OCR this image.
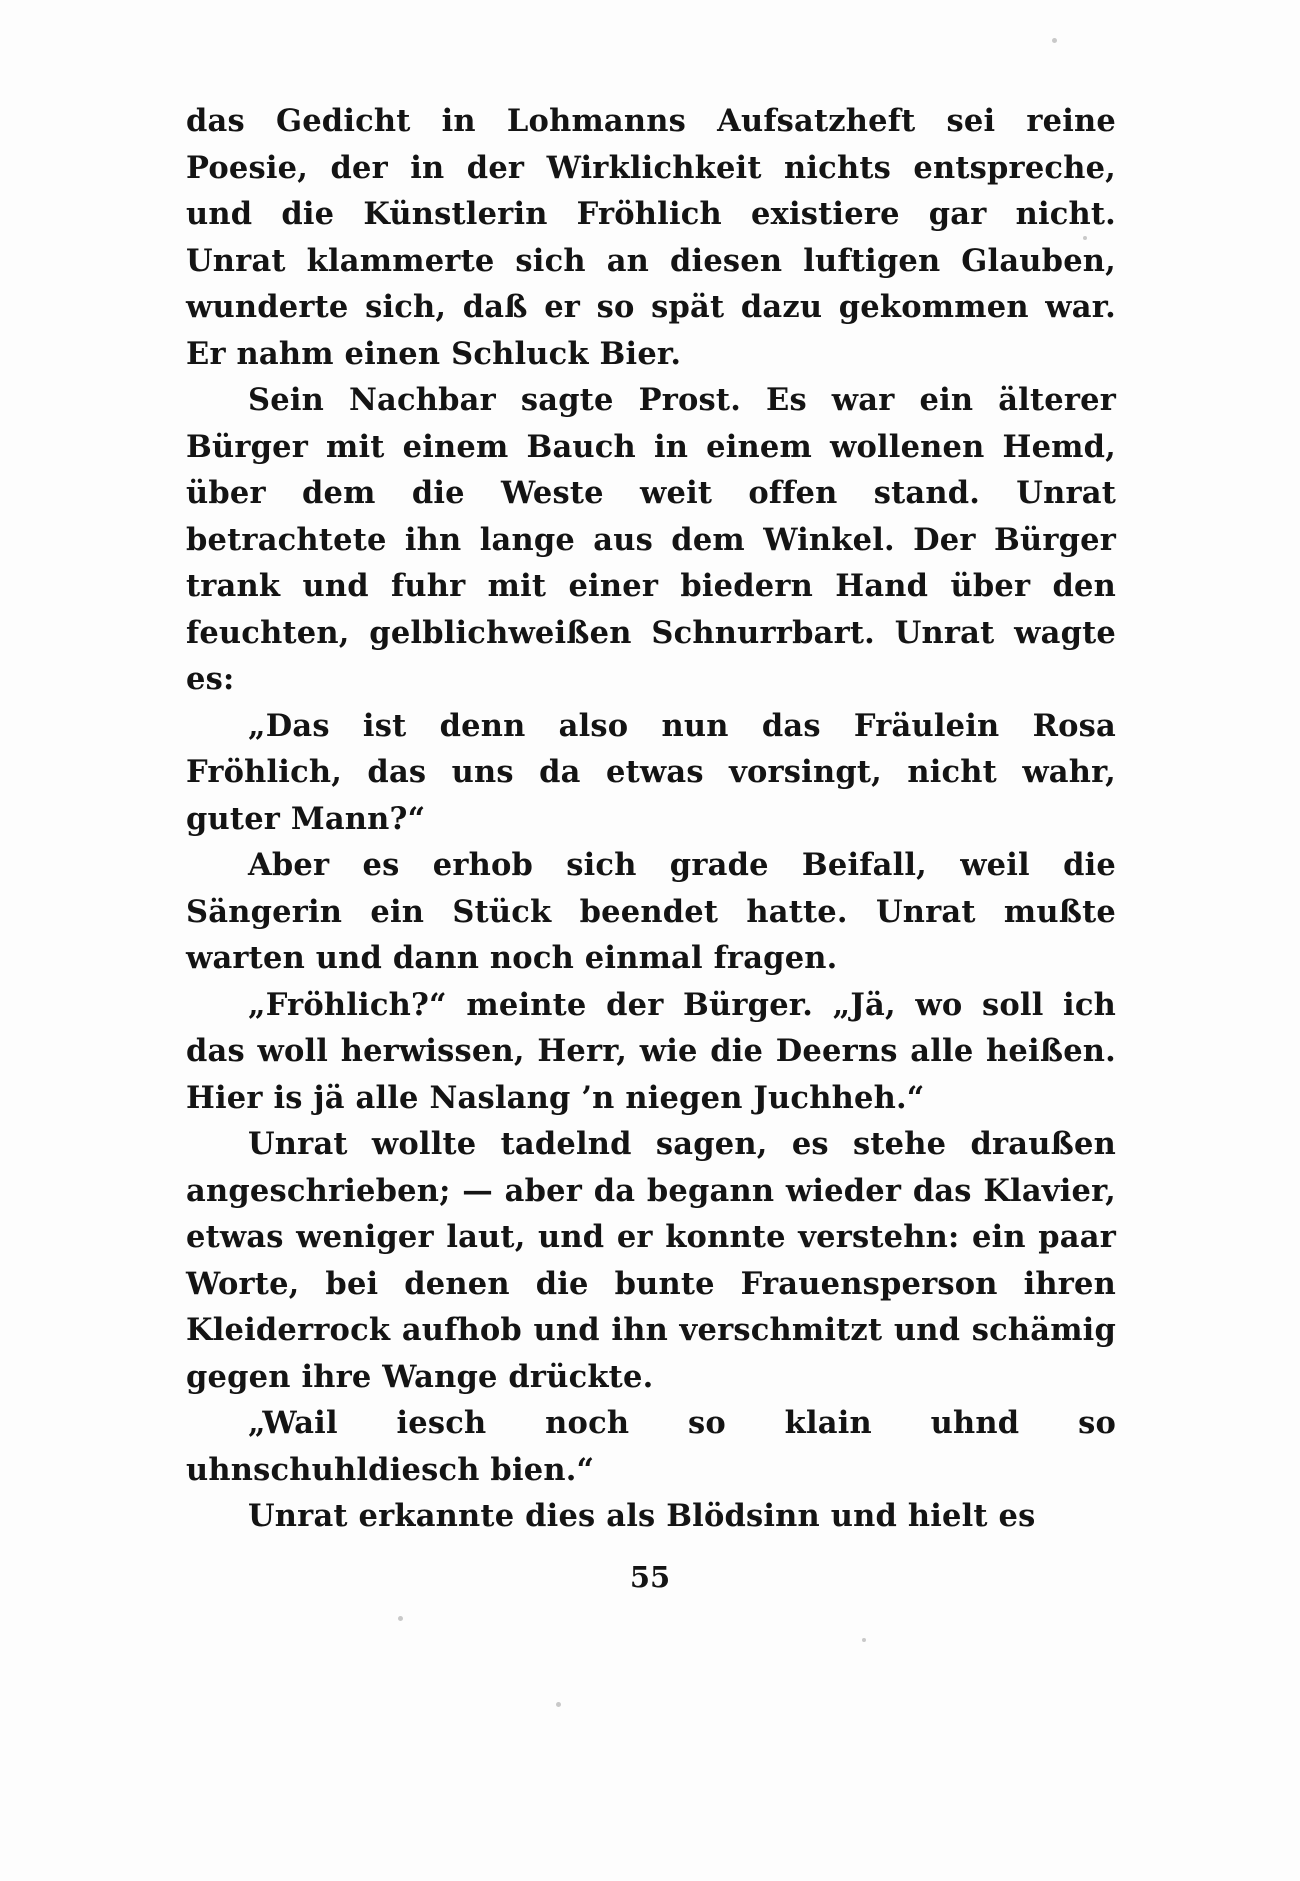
das Gedicht in Lohmanns Aufsatzheft sei reine Poesie, der in der Wirklichkeit nichts entspreche, und die Künstlerin Fröhlich existiere gar nicht. Unrat klammerte sich an diesen luftigen Glauben, wunderte sich, daß er so spät dazu gekommen war. Er nahm einen Schluck Bier.

Sein Nachbar sagte Prost. Es war ein älterer Bürger mit einem Bauch in einem wollenen Hemd, über dem die Weste weit offen stand. Unrat betrachtete ihn lange aus dem Winkel. Der Bürger trank und fuhr mit einer biedern Hand über den feuchten, gelblichweißen Schnurrbart. Unrat wagte es:

„Das ist denn also nun das Fräulein Rosa Fröhlich, das uns da etwas vorsingt, nicht wahr, guter Mann?“

Aber es erhob sich grade Beifall, weil die Sängerin ein Stück beendet hatte. Unrat mußte warten und dann noch einmal fragen.

„Fröhlich?“ meinte der Bürger. „Jä, wo soll ich das woll herwissen, Herr, wie die Deerns alle heißen. Hier is jä alle Naslang ’n niegen Juchheh.“

Unrat wollte tadelnd sagen, es stehe draußen angeschrieben; — aber da begann wieder das Klavier, etwas weniger laut, und er konnte verstehn: ein paar Worte, bei denen die bunte Frauensperson ihren Kleiderrock aufhob und ihn verschmitzt und schämig gegen ihre Wange drückte.

„Wail iesch noch so klain uhnd so uhnschuhldiesch bien.“

Unrat erkannte dies als Blödsinn und hielt es

55
